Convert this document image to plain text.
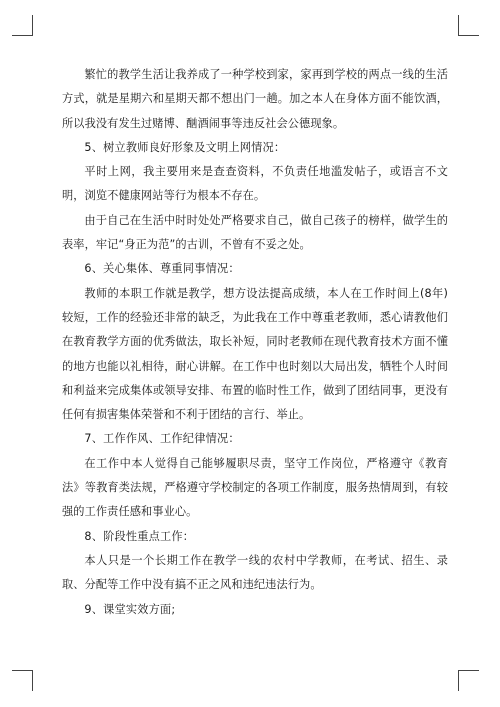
繁忙的教学生活让我养成了一种学校到家，家再到学校的两点一线的生活方式，就是星期六和星期天都不想出门一趟。加之本人在身体方面不能饮酒，所以我没有发生过赌博、酗酒闹事等违反社会公德现象。

5、树立教师良好形象及文明上网情况：

平时上网，我主要用来是查查资料，不负责任地滥发帖子，或语言不文明，浏览不健康网站等行为根本不存在。

由于自己在生活中时时处处严格要求自己，做自己孩子的榜样，做学生的表率，牢记“身正为范”的古训，不曾有不妥之处。

6、关心集体、尊重同事情况：

教师的本职工作就是教学，想方设法提高成绩，本人在工作时间上(8年)较短，工作的经验还非常的缺乏，为此我在工作中尊重老教师，悉心请教他们在教育教学方面的优秀做法，取长补短，同时老教师在现代教育技术方面不懂的地方也能以礼相待，耐心讲解。在工作中也时刻以大局出发，牺牲个人时间和利益来完成集体或领导安排、布置的临时性工作，做到了团结同事，更没有任何有损害集体荣誉和不利于团结的言行、举止。

7、工作作风、工作纪律情况：

在工作中本人觉得自己能够履职尽责，坚守工作岗位，严格遵守《教育法》等教育类法规，严格遵守学校制定的各项工作制度，服务热情周到，有较强的工作责任感和事业心。

8、阶段性重点工作：

本人只是一个长期工作在教学一线的农村中学教师，在考试、招生、录取、分配等工作中没有搞不正之风和违纪违法行为。

9、课堂实效方面;
